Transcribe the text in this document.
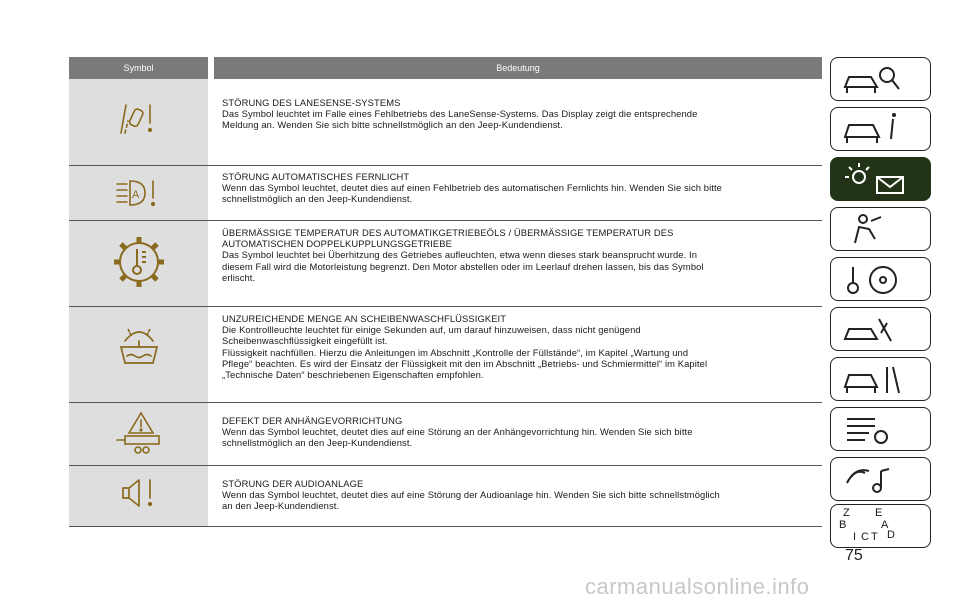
Symbol	Bedeutung

STÖRUNG DES LANESENSE-SYSTEMS

Das Symbol leuchtet im Falle eines Fehlbetriebs des LaneSense-Systems. Das Display zeigt die entsprechende

Meldung an. Wenden Sie sich bitte schnellstmöglich an den Jeep-Kundendienst.

A

STÖRUNG AUTOMATISCHES FERNLICHT

Wenn das Symbol leuchtet, deutet dies auf einen Fehlbetrieb des automatischen Fernlichts hin. Wenden Sie sich bitte

schnellstmöglich an den Jeep-Kundendienst.

ÜBERMÄSSIGE TEMPERATUR DES AUTOMATIKGETRIEBEÖLS / ÜBERMÄSSIGE TEMPERATUR DES

AUTOMATISCHEN DOPPELKUPPLUNGSGETRIEBE

Das Symbol leuchtet bei Überhitzung des Getriebes aufleuchten, etwa wenn dieses stark beansprucht wurde. In

diesem Fall wird die Motorleistung begrenzt. Den Motor abstellen oder im Leerlauf drehen lassen, bis das Symbol

erlischt.

UNZUREICHENDE MENGE AN SCHEIBENWASCHFLÜSSIGKEIT

Die Kontrollleuchte leuchtet für einige Sekunden auf, um darauf hinzuweisen, dass nicht genügend

Scheibenwaschflüssigkeit eingefüllt ist.

Flüssigkeit nachfüllen. Hierzu die Anleitungen im Abschnitt „Kontrolle der Füllstände“, im Kapitel „Wartung und

Pflege“ beachten. Es wird der Einsatz der Flüssigkeit mit den im Abschnitt „Betriebs- und Schmiermittel“ im Kapitel

„Technische Daten“ beschriebenen Eigenschaften empfohlen.

DEFEKT DER ANHÄNGEVORRICHTUNG

Wenn das Symbol leuchtet, deutet dies auf eine Störung an der Anhängevorrichtung hin. Wenden Sie sich bitte

schnellstmöglich an den Jeep-Kundendienst.

STÖRUNG DER AUDIOANLAGE

Wenn das Symbol leuchtet, deutet dies auf eine Störung der Audioanlage hin. Wenden Sie sich bitte schnellstmöglich

an den Jeep-Kundendienst.

Z E
B	A
I C T D
75
carmanualsonline.info
